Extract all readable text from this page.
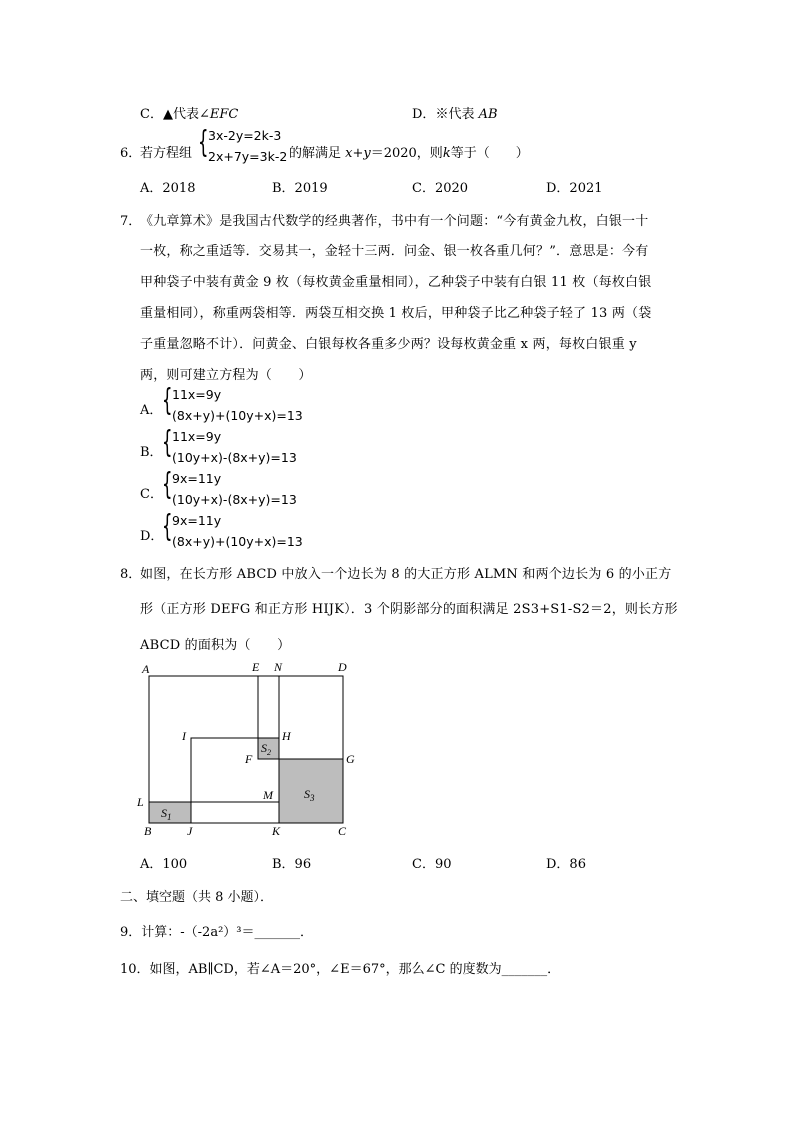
C．▲代表∠EFC	D．※代表 AB
6．
若方程组 { 3x-2y=2k-3
2x+7y=3k-2 的解满足 x+y＝2020，则k等于（　　）
A．2018	B．2019	C．2020	D．2021
7．
《九章算术》是我国古代数学的经典著作，书中有一个问题：“今有黄金九枚，白银一十
一枚，称之重适等．交易其一，金轻十三两．问金、银一枚各重几何？”．意思是：今有
甲种袋子中装有黄金 9 枚（每枚黄金重量相同），乙种袋子中装有白银 11 枚（每枚白银
重量相同），称重两袋相等．两袋互相交换 1 枚后，甲种袋子比乙种袋子轻了 13 两（袋
子重量忽略不计）．问黄金、白银每枚各重多少两？设每枚黄金重 x 两，每枚白银重 y
两，则可建立方程为（　　）
A． { 11x=9y
(8x+y)+(10y+x)=13
B． { 11x=9y
(10y+x)-(8x+y)=13
C． { 9x=11y
(10y+x)-(8x+y)=13
D．
{ 9x=11y
(8x+y)+(10y+x)=13
8．
如图，在长方形 ABCD 中放入一个边长为 8 的大正方形 ALMN 和两个边长为 6 的小正方
形（正方形 DEFG 和正方形 HIJK）．3 个阴影部分的面积满足 2S3+S1-S2＝2，则长方形
ABCD 的面积为（　　）
A	E N	D
I	H
F	G
L	M
B	J	K	C
$S_1$
$S_2$
$S_3$
A．100	B．96	C．90	D．86
二、填空题（共 8 小题）．
9．计算：-（-2a²）³＝_______．
10．如图，AB∥CD，若∠A＝20°，∠E＝67°，那么∠C 的度数为_______．
